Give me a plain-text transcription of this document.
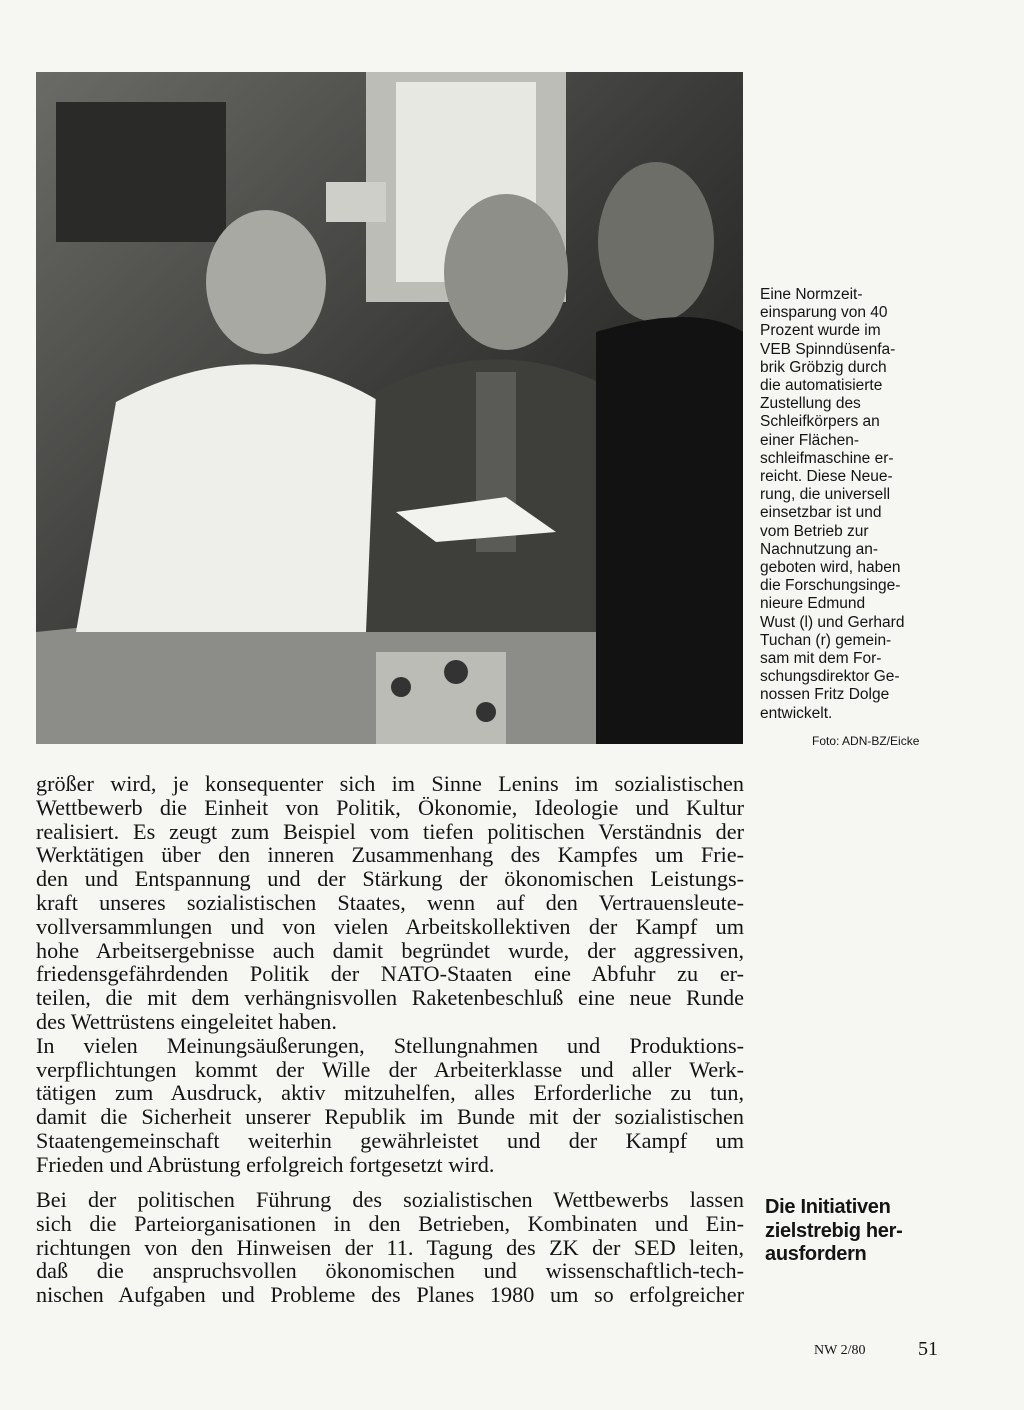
Eine Normzeit-
einsparung von 40
Prozent wurde im
VEB Spinndüsenfa-
brik Gröbzig durch
die automatisierte
Zustellung des
Schleifkörpers an
einer Flächen-
schleifmaschine er-
reicht. Diese Neue-
rung, die universell
einsetzbar ist und
vom Betrieb zur
Nachnutzung an-
geboten wird, haben
die Forschungsinge-
nieure Edmund
Wust (l) und Gerhard
Tuchan (r) gemein-
sam mit dem For-
schungsdirektor Ge-
nossen Fritz Dolge
entwickelt.
Foto: ADN-BZ/Eicke
größer wird, je konsequenter sich im Sinne Lenins im sozialistischen
Wettbewerb die Einheit von Politik, Ökonomie, Ideologie und Kultur
realisiert. Es zeugt zum Beispiel vom tiefen politischen Verständnis der
Werktätigen über den inneren Zusammenhang des Kampfes um Frie-
den und Entspannung und der Stärkung der ökonomischen Leistungs-
kraft unseres sozialistischen Staates, wenn auf den Vertrauensleute-
vollversammlungen und von vielen Arbeitskollektiven der Kampf um
hohe Arbeitsergebnisse auch damit begründet wurde, der aggressiven,
friedensgefährdenden Politik der NATO-Staaten eine Abfuhr zu er-
teilen, die mit dem verhängnisvollen Raketenbeschluß eine neue Runde
des Wettrüstens eingeleitet haben.
In vielen Meinungsäußerungen, Stellungnahmen und Produktions-
verpflichtungen kommt der Wille der Arbeiterklasse und aller Werk-
tätigen zum Ausdruck, aktiv mitzuhelfen, alles Erforderliche zu tun,
damit die Sicherheit unserer Republik im Bunde mit der sozialistischen
Staatengemeinschaft weiterhin gewährleistet und der Kampf um
Frieden und Abrüstung erfolgreich fortgesetzt wird.
Bei der politischen Führung des sozialistischen Wettbewerbs lassen
sich die Parteiorganisationen in den Betrieben, Kombinaten und Ein-
richtungen von den Hinweisen der 11. Tagung des ZK der SED leiten,
daß die anspruchsvollen ökonomischen und wissenschaftlich-tech-
nischen Aufgaben und Probleme des Planes 1980 um so erfolgreicher
Die Initiativen
zielstrebig her-
ausfordern
NW 2/80	51
